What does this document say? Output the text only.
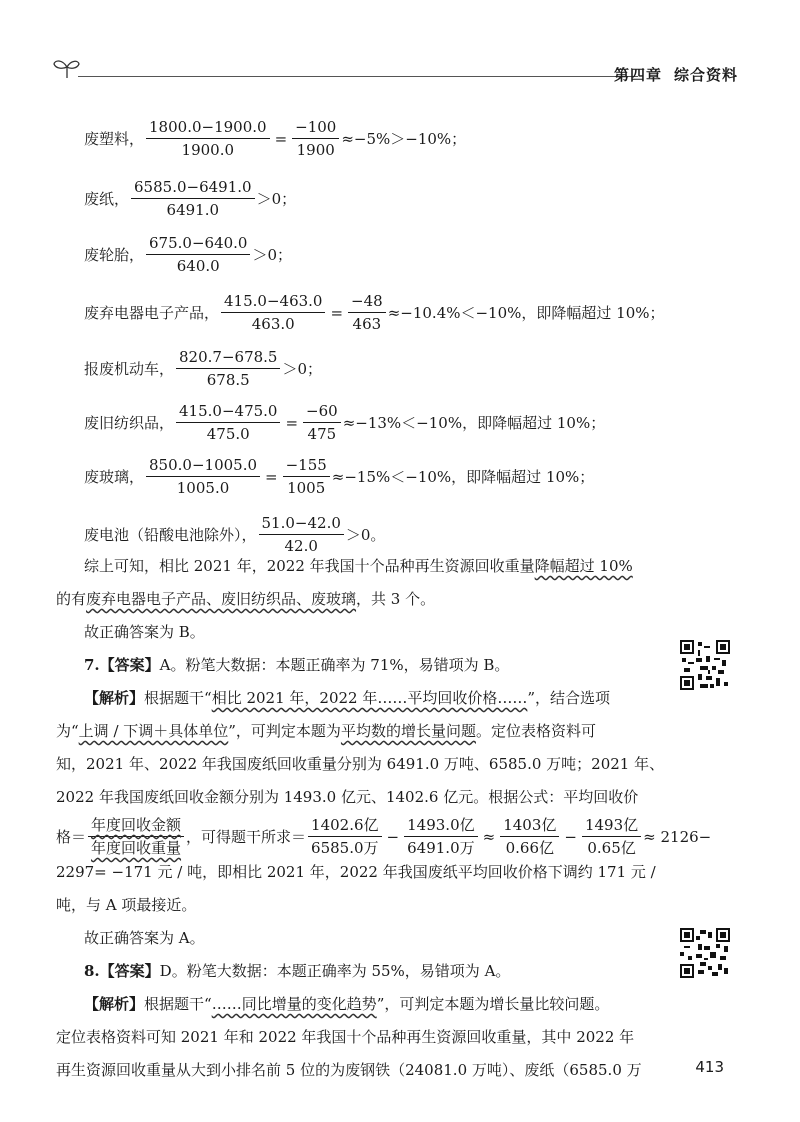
第四章 综合资料
废塑料， $\frac{1800.0-1900.0}{1900.0} = \frac{-100}{1900} \approx-5\%>-10\%$；
废纸， $\frac{6585.0-6491.0}{6491.0} >0$；
废轮胎， $\frac{675.0-640.0}{640.0} >0$；
废弃电器电子产品， $\frac{415.0-463.0}{463.0} = \frac{-48}{463} \approx-10.4\%<-10\%$，即降幅超过 10%；
报废机动车， $\frac{820.7-678.5}{678.5} >0$；
废旧纺织品， $\frac{415.0-475.0}{475.0} = \frac{-60}{475} \approx-13\%<-10\%$，即降幅超过 10%；
废玻璃， $\frac{850.0-1005.0}{1005.0} = \frac{-155}{1005} \approx-15\%<-10\%$，即降幅超过 10%；
废电池（铅酸电池除外）， $\frac{51.0-42.0}{42.0} >0$。
综上可知，相比 2021 年，2022 年我国十个品种再生资源回收重量降幅超过 10%
的有废弃电器电子产品、废旧纺织品、废玻璃，共 3 个。
故正确答案为 B。
7.【答案】A。粉笔大数据：本题正确率为 71%，易错项为 B。
【解析】根据题干“相比 2021 年，2022 年……平均回收价格……”，结合选项
为“上调 / 下调＋具体单位”，可判定本题为平均数的增长量问题。定位表格资料可
知，2021 年、2022 年我国废纸回收重量分别为 6491.0 万吨、6585.0 万吨；2021 年、
2022 年我国废纸回收金额分别为 1493.0 亿元、1402.6 亿元。根据公式：平均回收价
格＝ $\frac{\text{年度回收金额}}{\text{年度回收重量}}$ ，可得题干所求＝ $\frac{\text{1402.6亿}}{\text{6585.0万}} - \frac{\text{1493.0亿}}{\text{6491.0万}} \approx \frac{\text{1403亿}}{\text{0.66亿}} - \frac{\text{1493亿}}{\text{0.65亿}} \approx 2126-$
2297= −171 元 / 吨，即相比 2021 年，2022 年我国废纸平均回收价格下调约 171 元 /
吨，与 A 项最接近。
故正确答案为 A。
8.【答案】D。粉笔大数据：本题正确率为 55%，易错项为 A。
【解析】根据题干“……同比增量的变化趋势”，可判定本题为增长量比较问题。
定位表格资料可知 2021 年和 2022 年我国十个品种再生资源回收重量，其中 2022 年
再生资源回收重量从大到小排名前 5 位的为废钢铁（24081.0 万吨）、废纸（6585.0 万	413
